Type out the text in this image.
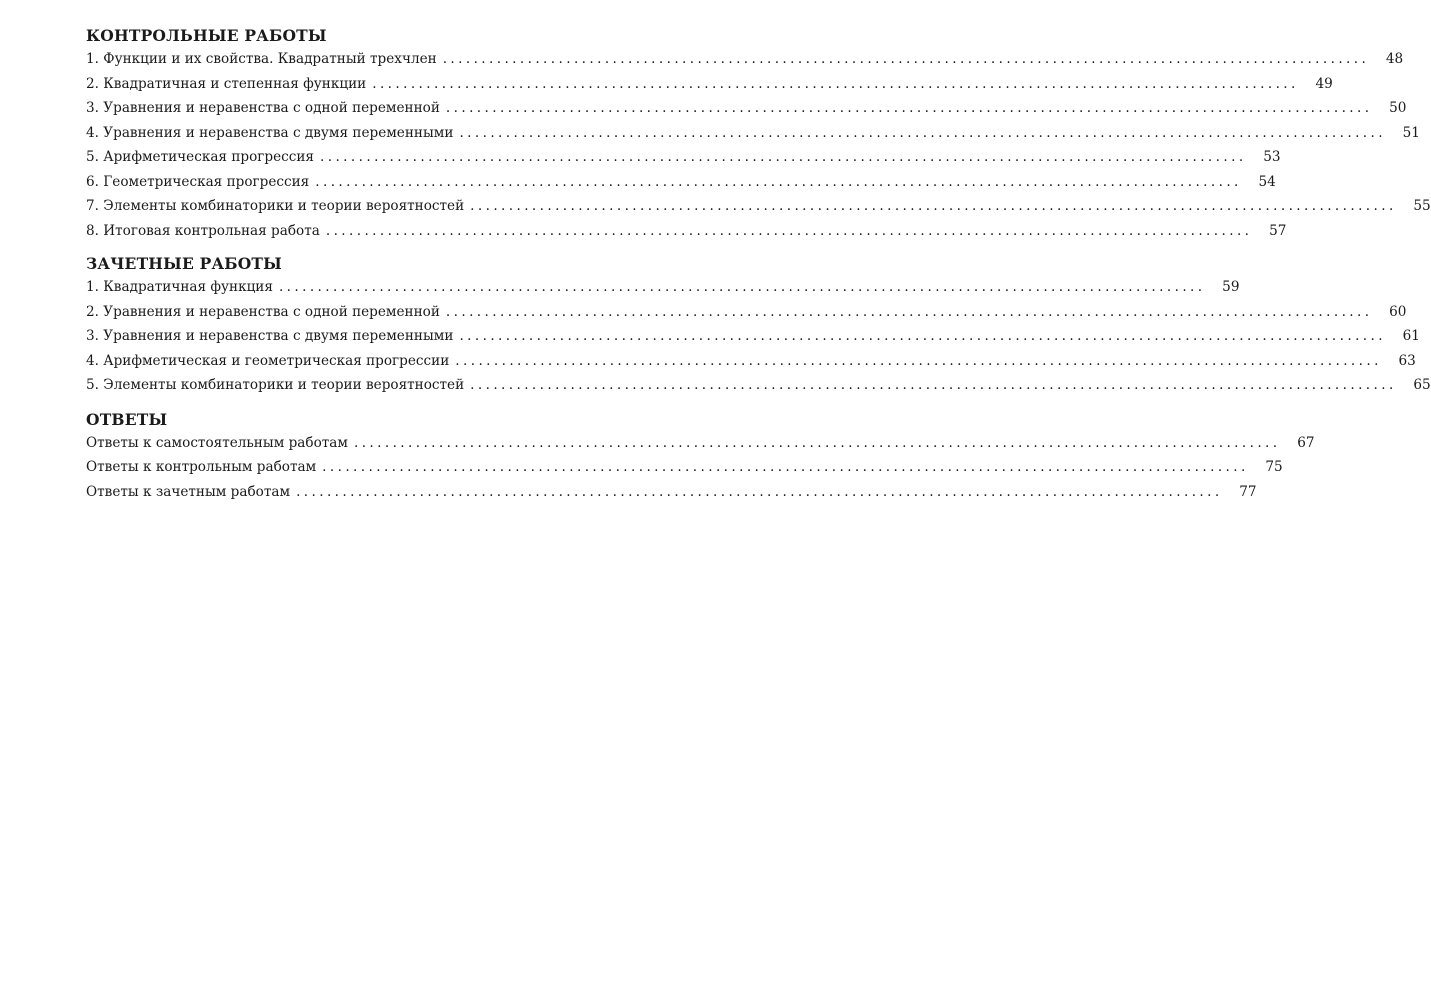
КОНТРОЛЬНЫЕ РАБОТЫ
1. Функции и их свойства. Квадратный трехчлен ........................................................................................................................	48
2. Квадратичная и степенная функции ........................................................................................................................	49
3. Уравнения и неравенства с одной переменной ........................................................................................................................	50
4. Уравнения и неравенства с двумя переменными ........................................................................................................................	51
5. Арифметическая прогрессия ........................................................................................................................	53
6. Геометрическая прогрессия ........................................................................................................................	54
7. Элементы комбинаторики и теории вероятностей ........................................................................................................................	55
8. Итоговая контрольная работа ........................................................................................................................	57
ЗАЧЕТНЫЕ РАБОТЫ
1. Квадратичная функция ........................................................................................................................	59
2. Уравнения и неравенства с одной переменной ........................................................................................................................	60
3. Уравнения и неравенства с двумя переменными ........................................................................................................................	61
4. Арифметическая и геометрическая прогрессии ........................................................................................................................	63
5. Элементы комбинаторики и теории вероятностей ........................................................................................................................	65
ОТВЕТЫ
Ответы к самостоятельным работам ........................................................................................................................	67
Ответы к контрольным работам ........................................................................................................................	75
Ответы к зачетным работам ........................................................................................................................	77
